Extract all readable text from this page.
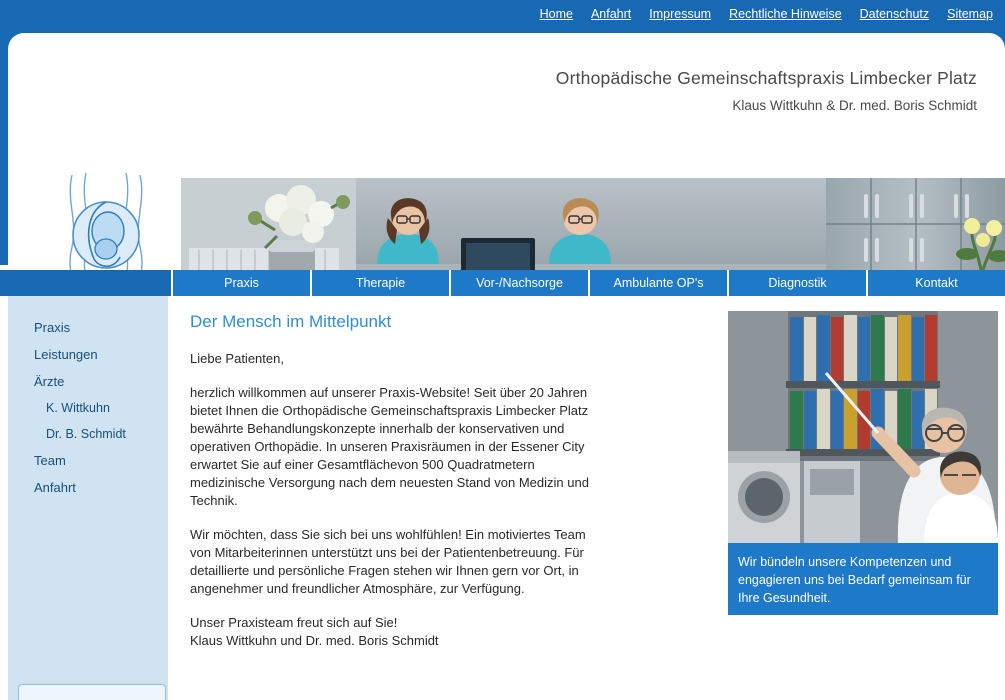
Home Anfahrt Impressum Rechtliche Hinweise Datenschutz Sitemap
Orthopädische Gemeinschaftspraxis Limbecker Platz
Klaus Wittkuhn & Dr. med. Boris Schmidt
Praxis	Therapie	Vor-/Nachsorge	Ambulante OP's	Diagnostik	Kontakt
Praxis
Leistungen
Ärzte
K. Wittkuhn
Dr. B. Schmidt
Team
Anfahrt
Der Mensch im Mittelpunkt

Liebe Patienten,

herzlich willkommen auf unserer Praxis-Website! Seit über 20 Jahren bietet Ihnen die Orthopädische Gemeinschaftspraxis Limbecker Platz bewährte Behandlungskonzepte innerhalb der konservativen und operativen Orthopädie. In unseren Praxisräumen in der Essener City erwartet Sie auf einer Gesamtflächevon 500 Quadratmetern medizinische Versorgung nach dem neuesten Stand von Medizin und Technik.

Wir möchten, dass Sie sich bei uns wohlfühlen! Ein motiviertes Team von Mitarbeiterinnen unterstützt uns bei der Patientenbetreuung. Für detaillierte und persönliche Fragen stehen wir Ihnen gern vor Ort, in angenehmer und freundlicher Atmosphäre, zur Verfügung.

Unser Praxisteam freut sich auf Sie!

Klaus Wittkuhn und Dr. med. Boris Schmidt

Wir bündeln unsere Kompetenzen und engagieren uns bei Bedarf gemeinsam für Ihre Gesundheit.
